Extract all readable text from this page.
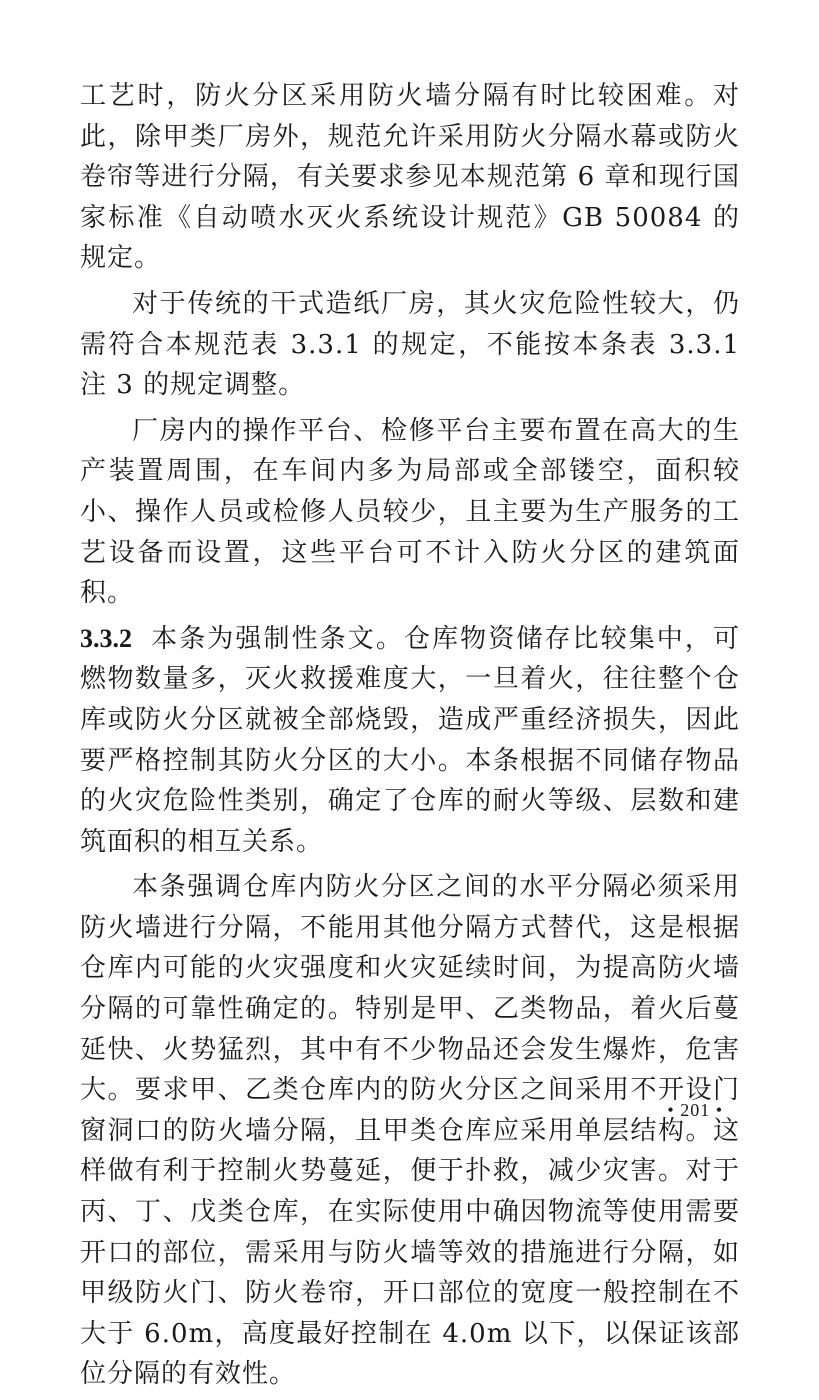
工艺时，防火分区采用防火墙分隔有时比较困难。对此，除甲类厂房外，规范允许采用防火分隔水幕或防火卷帘等进行分隔，有关要求参见本规范第 6 章和现行国家标准《自动喷水灭火系统设计规范》GB 50084 的规定。

对于传统的干式造纸厂房，其火灾危险性较大，仍需符合本规范表 3.3.1 的规定，不能按本条表 3.3.1 注 3 的规定调整。

厂房内的操作平台、检修平台主要布置在高大的生产装置周围，在车间内多为局部或全部镂空，面积较小、操作人员或检修人员较少，且主要为生产服务的工艺设备而设置，这些平台可不计入防火分区的建筑面积。

3.3.2 本条为强制性条文。仓库物资储存比较集中，可燃物数量多，灭火救援难度大，一旦着火，往往整个仓库或防火分区就被全部烧毁，造成严重经济损失，因此要严格控制其防火分区的大小。本条根据不同储存物品的火灾危险性类别，确定了仓库的耐火等级、层数和建筑面积的相互关系。

本条强调仓库内防火分区之间的水平分隔必须采用防火墙进行分隔，不能用其他分隔方式替代，这是根据仓库内可能的火灾强度和火灾延续时间，为提高防火墙分隔的可靠性确定的。特别是甲、乙类物品，着火后蔓延快、火势猛烈，其中有不少物品还会发生爆炸，危害大。要求甲、乙类仓库内的防火分区之间采用不开设门窗洞口的防火墙分隔，且甲类仓库应采用单层结构。这样做有利于控制火势蔓延，便于扑救，减少灾害。对于丙、丁、戊类仓库，在实际使用中确因物流等使用需要开口的部位，需采用与防火墙等效的措施进行分隔，如甲级防火门、防火卷帘，开口部位的宽度一般控制在不大于 6.0m，高度最好控制在 4.0m 以下，以保证该部位分隔的有效性。

• 201 •
